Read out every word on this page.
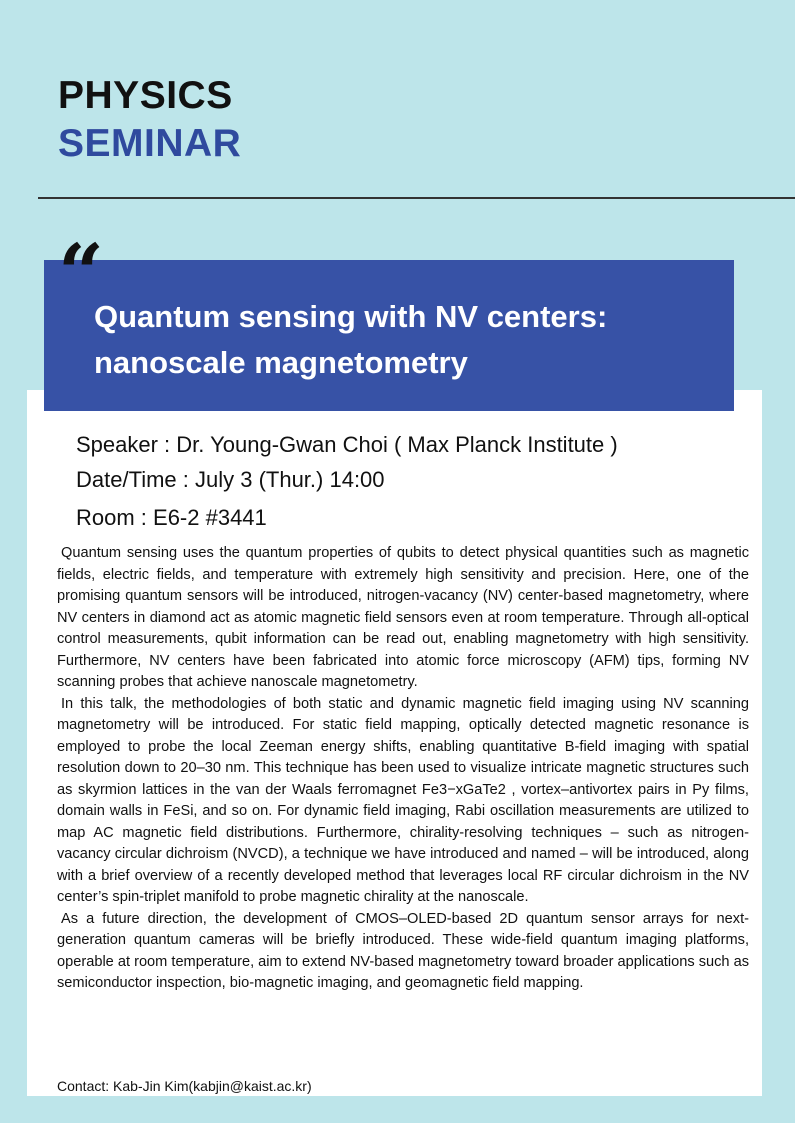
PHYSICS
SEMINAR
“
Quantum sensing with NV centers:
nanoscale magnetometry
Speaker : Dr. Young-Gwan Choi ( Max Planck Institute )
Date/Time : July 3 (Thur.) 14:00
Room : E6-2 #3441

Quantum sensing uses the quantum properties of qubits to detect physical quantities such as magnetic fields, electric fields, and temperature with extremely high sensitivity and precision. Here, one of the promising quantum sensors will be introduced, nitrogen-vacancy (NV) center-based magnetometry, where NV centers in diamond act as atomic magnetic field sensors even at room temperature. Through all-optical control measurements, qubit information can be read out, enabling magnetometry with high sensitivity. Furthermore, NV centers have been fabricated into atomic force microscopy (AFM) tips, forming NV scanning probes that achieve nanoscale magnetometry.

In this talk, the methodologies of both static and dynamic magnetic field imaging using NV scanning magnetometry will be introduced. For static field mapping, optically detected magnetic resonance is employed to probe the local Zeeman energy shifts, enabling quantitative B-field imaging with spatial resolution down to 20–30 nm. This technique has been used to visualize intricate magnetic structures such as skyrmion lattices in the van der Waals ferromagnet Fe3−xGaTe2 , vortex–antivortex pairs in Py films, domain walls in FeSi, and so on. For dynamic field imaging, Rabi oscillation measurements are utilized to map AC magnetic field distributions. Furthermore, chirality-resolving techniques – such as nitrogen-vacancy circular dichroism (NVCD), a technique we have introduced and named – will be introduced, along with a brief overview of a recently developed method that leverages local RF circular dichroism in the NV center’s spin-triplet manifold to probe magnetic chirality at the nanoscale.

As a future direction, the development of CMOS–OLED-based 2D quantum sensor arrays for next-generation quantum cameras will be briefly introduced. These wide-field quantum imaging platforms, operable at room temperature, aim to extend NV-based magnetometry toward broader applications such as semiconductor inspection, bio-magnetic imaging, and geomagnetic field mapping.

Contact: Kab-Jin Kim(kabjin@kaist.ac.kr)
